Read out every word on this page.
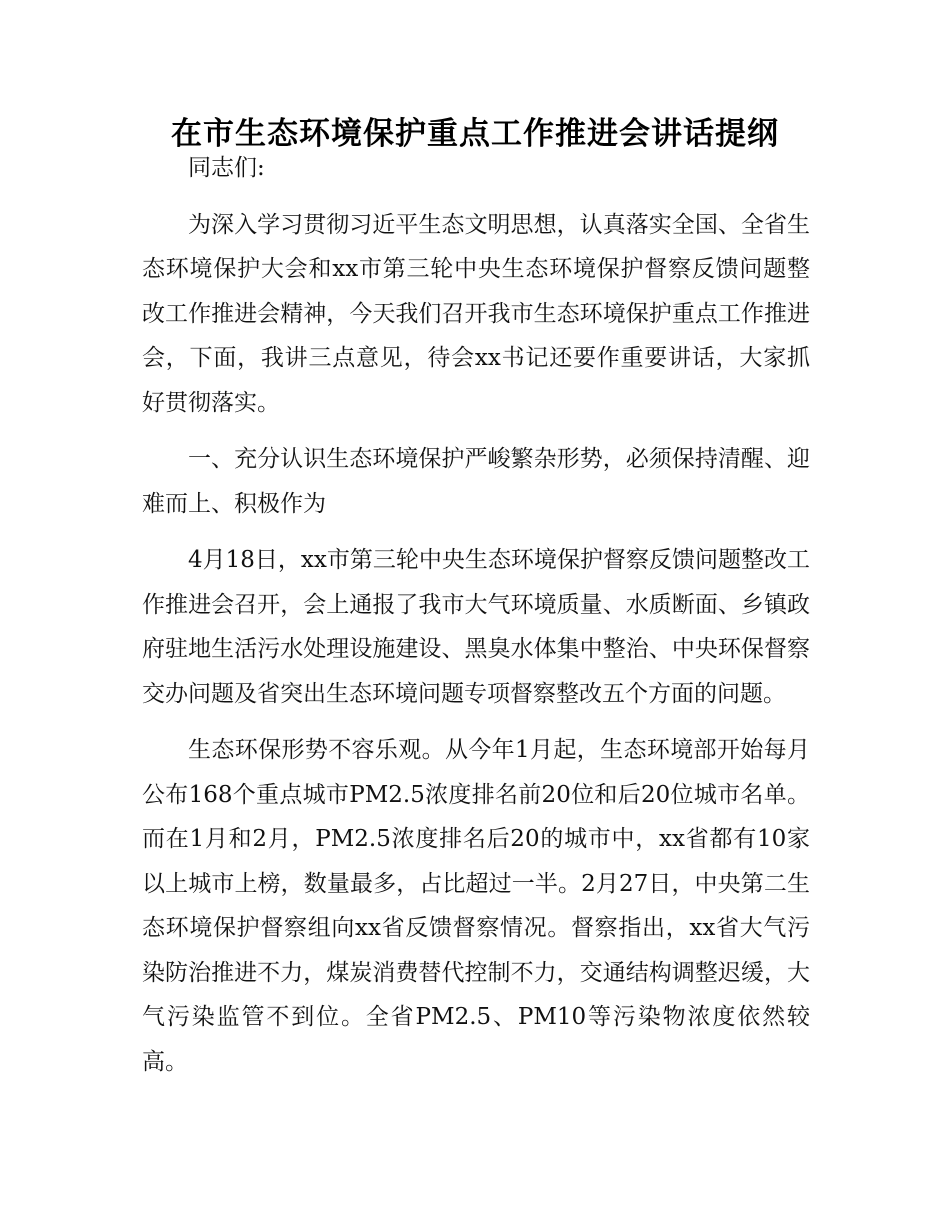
在市生态环境保护重点工作推进会讲话提纲

同志们:

为深入学习贯彻习近平生态文明思想，认真落实全国、全省生态环境保护大会和xx市第三轮中央生态环境保护督察反馈问题整改工作推进会精神，今天我们召开我市生态环境保护重点工作推进会，下面，我讲三点意见，待会xx书记还要作重要讲话，大家抓好贯彻落实。

一、充分认识生态环境保护严峻繁杂形势，必须保持清醒、迎难而上、积极作为

4月18日，xx市第三轮中央生态环境保护督察反馈问题整改工作推进会召开，会上通报了我市大气环境质量、水质断面、乡镇政府驻地生活污水处理设施建设、黑臭水体集中整治、中央环保督察交办问题及省突出生态环境问题专项督察整改五个方面的问题。

生态环保形势不容乐观。从今年1月起，生态环境部开始每月公布168个重点城市PM2.5浓度排名前20位和后20位城市名单。而在1月和2月，PM2.5浓度排名后20的城市中，xx省都有10家以上城市上榜，数量最多，占比超过一半。2月27日，中央第二生态环境保护督察组向xx省反馈督察情况。督察指出，xx省大气污染防治推进不力，煤炭消费替代控制不力，交通结构调整迟缓，大气污染监管不到位。全省PM2.5、PM10等污染物浓度依然较高。
